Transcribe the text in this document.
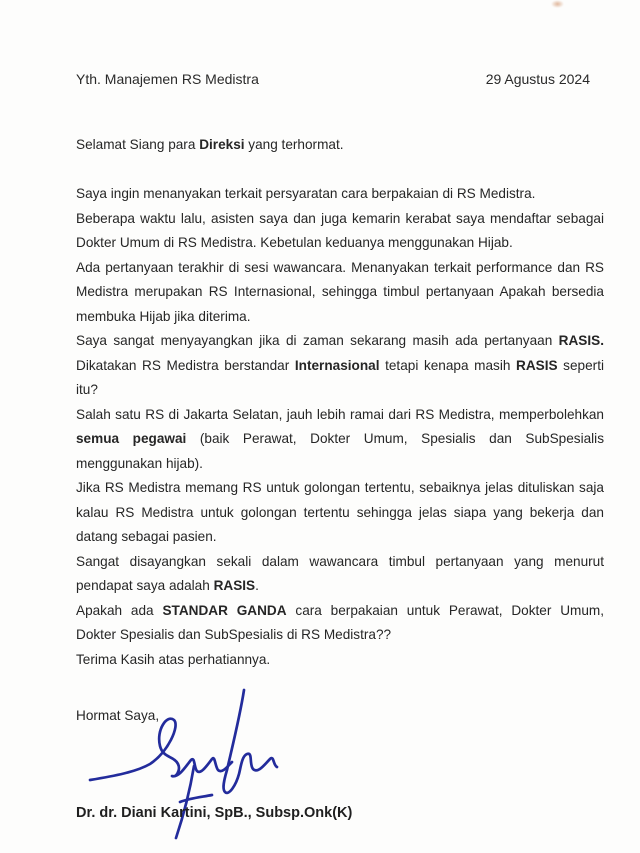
Yth. Manajemen RS Medistra	29 Agustus 2024
Selamat Siang para Direksi yang terhormat.
Saya ingin menanyakan terkait persyaratan cara berpakaian di RS Medistra.
Beberapa waktu lalu, asisten saya dan juga kemarin kerabat saya mendaftar sebagai
Dokter Umum di RS Medistra. Kebetulan keduanya menggunakan Hijab.
Ada pertanyaan terakhir di sesi wawancara. Menanyakan terkait performance dan RS
Medistra merupakan RS Internasional, sehingga timbul pertanyaan Apakah bersedia
membuka Hijab jika diterima.
Saya sangat menyayangkan jika di zaman sekarang masih ada pertanyaan RASIS.
Dikatakan RS Medistra berstandar Internasional tetapi kenapa masih RASIS seperti
itu?
Salah satu RS di Jakarta Selatan, jauh lebih ramai dari RS Medistra, memperbolehkan
semua pegawai (baik Perawat, Dokter Umum, Spesialis dan SubSpesialis
menggunakan hijab).
Jika RS Medistra memang RS untuk golongan tertentu, sebaiknya jelas dituliskan saja
kalau RS Medistra untuk golongan tertentu sehingga jelas siapa yang bekerja dan
datang sebagai pasien.
Sangat disayangkan sekali dalam wawancara timbul pertanyaan yang menurut
pendapat saya adalah RASIS.
Apakah ada STANDAR GANDA cara berpakaian untuk Perawat, Dokter Umum,
Dokter Spesialis dan SubSpesialis di RS Medistra??
Terima Kasih atas perhatiannya.
Hormat Saya,
Dr. dr. Diani Kartini, SpB., Subsp.Onk(K)
